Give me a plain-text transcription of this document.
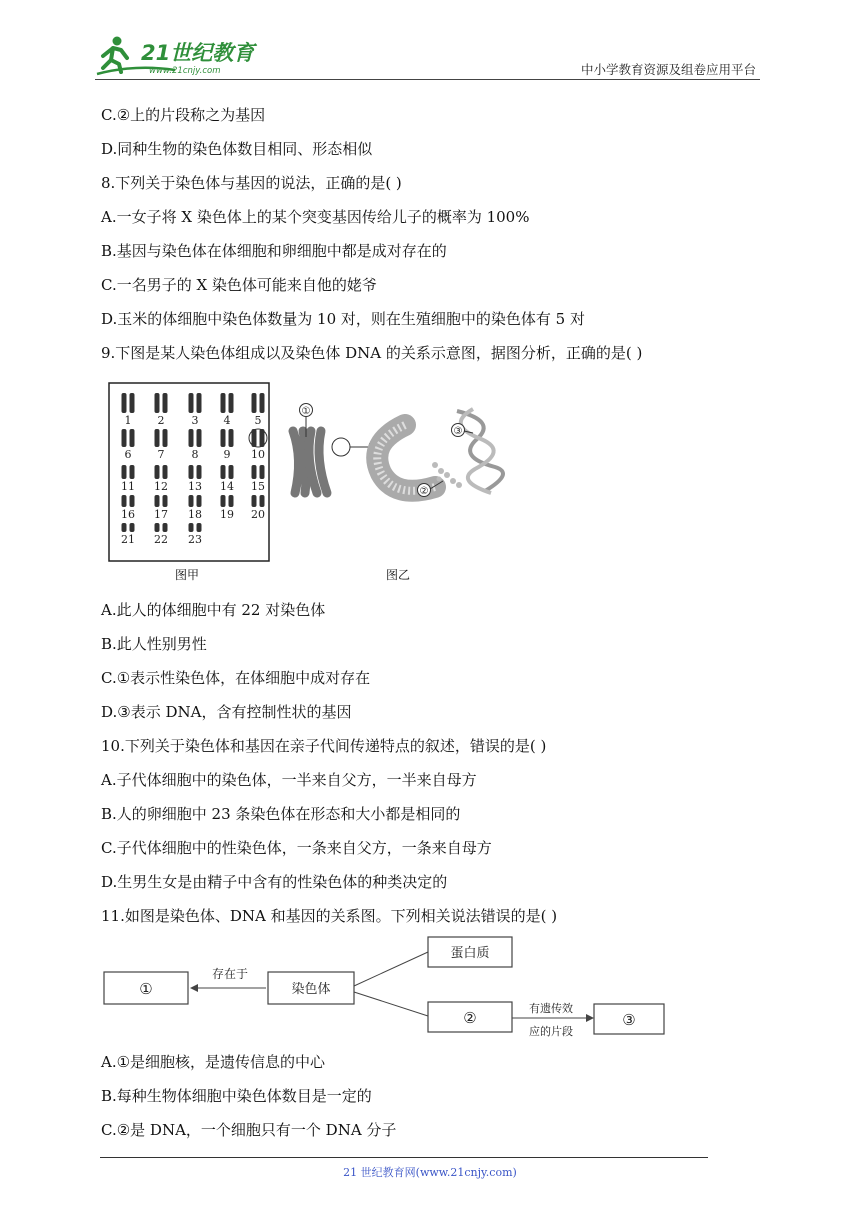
21世纪教育
www.21cnjy.com	中小学教育资源及组卷应用平台
C.②上的片段称之为基因
D.同种生物的染色体数目相同、形态相似
8.下列关于染色体与基因的说法，正确的是( )
A.一女子将 X 染色体上的某个突变基因传给儿子的概率为 100%
B.基因与染色体在体细胞和卵细胞中都是成对存在的
C.一名男子的 X 染色体可能来自他的姥爷
D.玉米的体细胞中染色体数量为 10 对，则在生殖细胞中的染色体有 5 对
9.下图是某人染色体组成以及染色体 DNA 的关系示意图，据图分析，正确的是( )
1 2 3 4 5
6 7 8 9 10
11 12 13 14 15
16 17 18 19 20
21 22 23
①
③
②
图甲	图乙
A.此人的体细胞中有 22 对染色体
B.此人性别男性
C.①表示性染色体，在体细胞中成对存在
D.③表示 DNA，含有控制性状的基因
10.下列关于染色体和基因在亲子代间传递特点的叙述，错误的是( )
A.子代体细胞中的染色体，一半来自父方，一半来自母方
B.人的卵细胞中 23 条染色体在形态和大小都是相同的
C.子代体细胞中的性染色体，一条来自父方，一条来自母方
D.生男生女是由精子中含有的性染色体的种类决定的
11.如图是染色体、DNA 和基因的关系图。下列相关说法错误的是( )
①
存在于
染色体
蛋白质
②
有遗传效
应的片段
③
A.①是细胞核，是遗传信息的中心
B.每种生物体细胞中染色体数目是一定的
C.②是 DNA，一个细胞只有一个 DNA 分子
21 世纪教育网(www.21cnjy.com)
